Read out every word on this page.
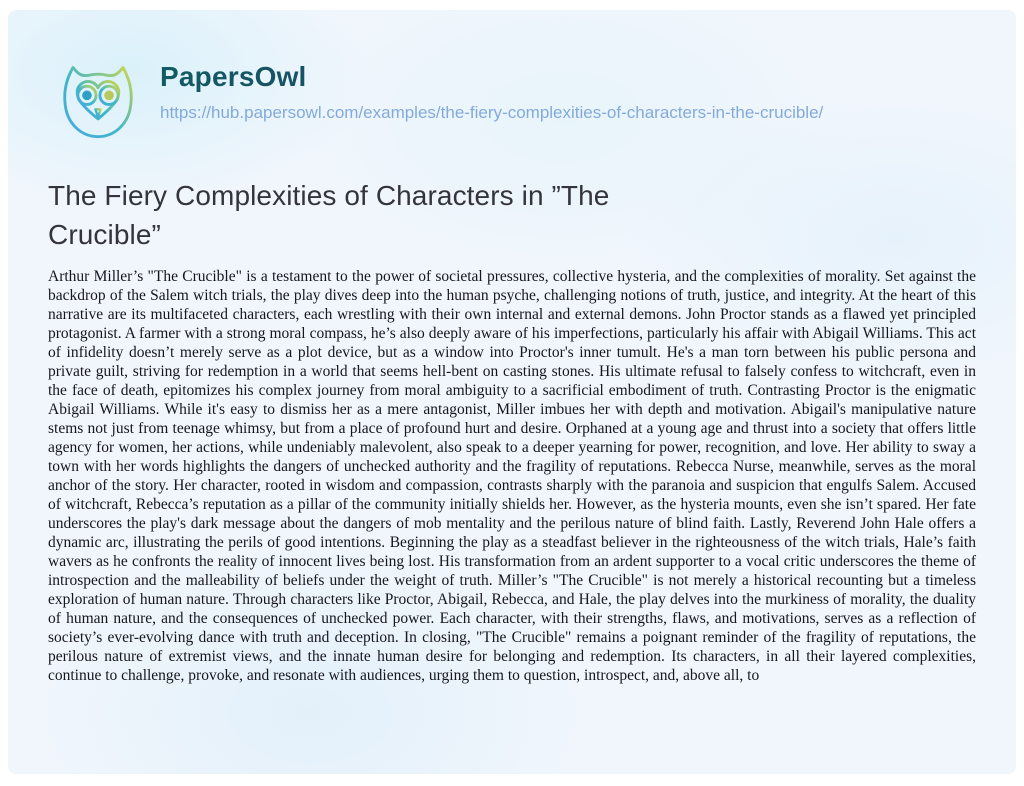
PapersOwl
https://hub.papersowl.com/examples/the-fiery-complexities-of-characters-in-the-crucible/
The Fiery Complexities of Characters in ”The Crucible”

Arthur Miller’s "The Crucible" is a testament to the power of societal pressures, collective hysteria, and the complexities of morality. Set against the backdrop of the Salem witch trials, the play dives deep into the human psyche, challenging notions of truth, justice, and integrity. At the heart of this narrative are its multifaceted characters, each wrestling with their own internal and external demons. John Proctor stands as a flawed yet principled protagonist. A farmer with a strong moral compass, he’s also deeply aware of his imperfections, particularly his affair with Abigail Williams. This act of infidelity doesn’t merely serve as a plot device, but as a window into Proctor's inner tumult. He's a man torn between his public persona and private guilt, striving for redemption in a world that seems hell-bent on casting stones. His ultimate refusal to falsely confess to witchcraft, even in the face of death, epitomizes his complex journey from moral ambiguity to a sacrificial embodiment of truth. Contrasting Proctor is the enigmatic Abigail Williams. While it's easy to dismiss her as a mere antagonist, Miller imbues her with depth and motivation. Abigail's manipulative nature stems not just from teenage whimsy, but from a place of profound hurt and desire. Orphaned at a young age and thrust into a society that offers little agency for women, her actions, while undeniably malevolent, also speak to a deeper yearning for power, recognition, and love. Her ability to sway a town with her words highlights the dangers of unchecked authority and the fragility of reputations. Rebecca Nurse, meanwhile, serves as the moral anchor of the story. Her character, rooted in wisdom and compassion, contrasts sharply with the paranoia and suspicion that engulfs Salem. Accused of witchcraft, Rebecca’s reputation as a pillar of the community initially shields her. However, as the hysteria mounts, even she isn’t spared. Her fate underscores the play's dark message about the dangers of mob mentality and the perilous nature of blind faith. Lastly, Reverend John Hale offers a dynamic arc, illustrating the perils of good intentions. Beginning the play as a steadfast believer in the righteousness of the witch trials, Hale’s faith wavers as he confronts the reality of innocent lives being lost. His transformation from an ardent supporter to a vocal critic underscores the theme of introspection and the malleability of beliefs under the weight of truth. Miller’s "The Crucible" is not merely a historical recounting but a timeless exploration of human nature. Through characters like Proctor, Abigail, Rebecca, and Hale, the play delves into the murkiness of morality, the duality of human nature, and the consequences of unchecked power. Each character, with their strengths, flaws, and motivations, serves as a reflection of society’s ever-evolving dance with truth and deception. In closing, "The Crucible" remains a poignant reminder of the fragility of reputations, the perilous nature of extremist views, and the innate human desire for belonging and redemption. Its characters, in all their layered complexities, continue to challenge, provoke, and resonate with audiences, urging them to question, introspect, and, above all, to
